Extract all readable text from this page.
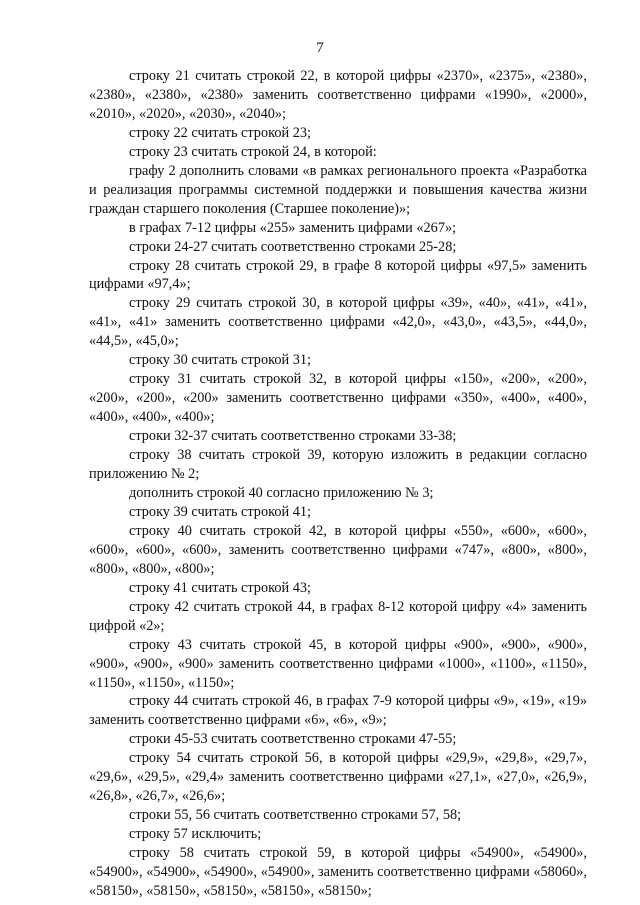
7

строку 21 считать строкой 22, в которой цифры «2370», «2375», «2380», «2380», «2380», «2380» заменить соответственно цифрами «1990», «2000», «2010», «2020», «2030», «2040»;

строку 22 считать строкой 23;

строку 23 считать строкой 24, в которой:

графу 2 дополнить словами «в рамках регионального проекта «Разработка и реализация программы системной поддержки и повышения качества жизни граждан старшего поколения (Старшее поколение)»;

в графах 7-12 цифры «255» заменить цифрами «267»;

строки 24-27 считать соответственно строками 25-28;

строку 28 считать строкой 29, в графе 8 которой цифры «97,5» заменить цифрами «97,4»;

строку 29 считать строкой 30, в которой цифры «39», «40», «41», «41», «41», «41» заменить соответственно цифрами «42,0», «43,0», «43,5», «44,0», «44,5», «45,0»;

строку 30 считать строкой 31;

строку 31 считать строкой 32, в которой цифры «150», «200», «200», «200», «200», «200» заменить соответственно цифрами «350», «400», «400», «400», «400», «400»;

строки 32-37 считать соответственно строками 33-38;

строку 38 считать строкой 39, которую изложить в редакции согласно приложению № 2;

дополнить строкой 40 согласно приложению № 3;

строку 39 считать строкой 41;

строку 40 считать строкой 42, в которой цифры «550», «600», «600», «600», «600», «600», заменить соответственно цифрами «747», «800», «800», «800», «800», «800»;

строку 41 считать строкой 43;

строку 42 считать строкой 44, в графах 8-12 которой цифру «4» заменить цифрой «2»;

строку 43 считать строкой 45, в которой цифры «900», «900», «900», «900», «900», «900» заменить соответственно цифрами «1000», «1100», «1150», «1150», «1150», «1150»;

строку 44 считать строкой 46, в графах 7-9 которой цифры «9», «19», «19» заменить соответственно цифрами «6», «6», «9»;

строки 45-53 считать соответственно строками 47-55;

строку 54 считать строкой 56, в которой цифры «29,9», «29,8», «29,7», «29,6», «29,5», «29,4» заменить соответственно цифрами «27,1», «27,0», «26,9», «26,8», «26,7», «26,6»;

строки 55, 56 считать соответственно строками 57, 58;

строку 57 исключить;

строку 58 считать строкой 59, в которой цифры «54900», «54900», «54900», «54900», «54900», «54900», заменить соответственно цифрами «58060», «58150», «58150», «58150», «58150», «58150»;
